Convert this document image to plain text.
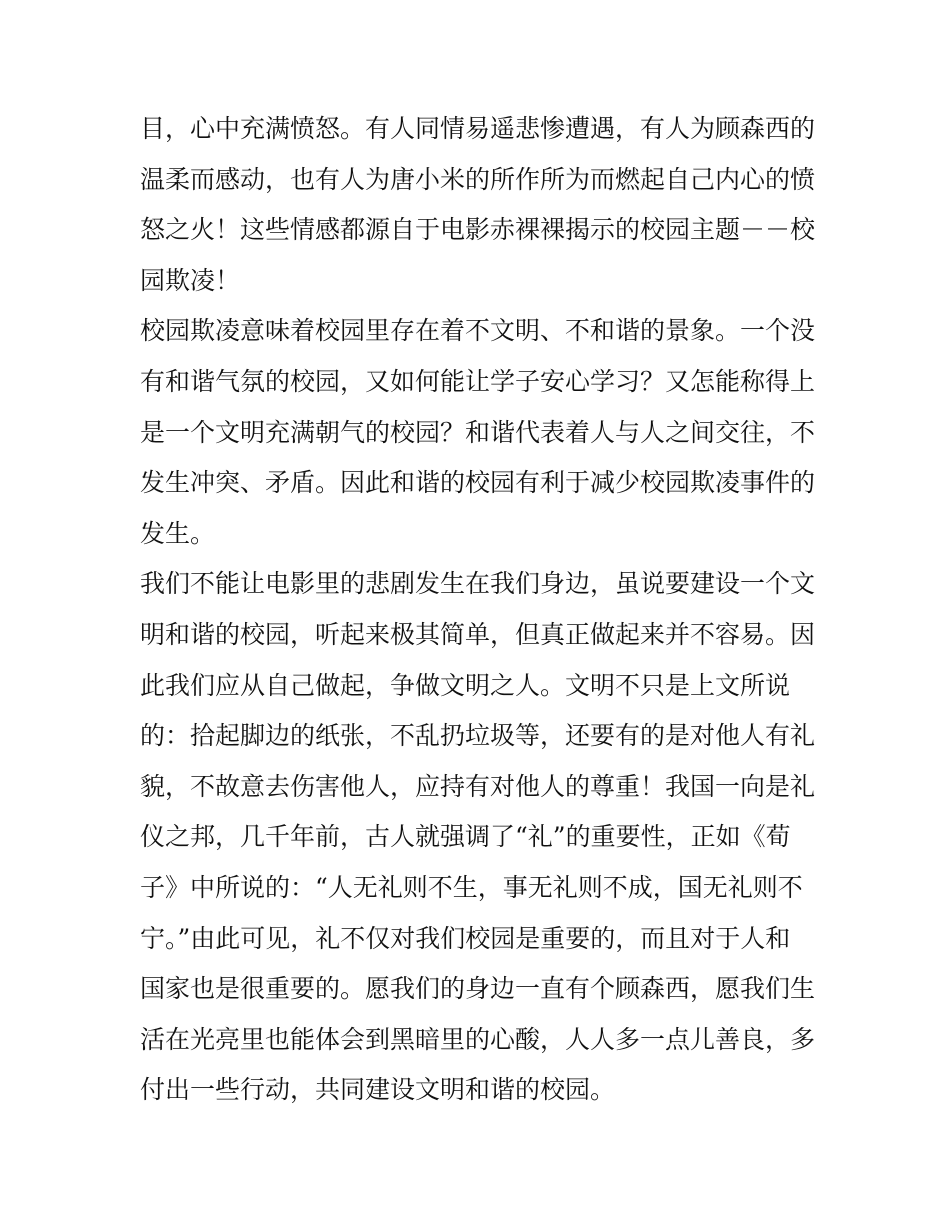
目，心中充满愤怒。有人同情易遥悲惨遭遇，有人为顾森西的
温柔而感动，也有人为唐小米的所作所为而燃起自己内心的愤
怒之火！这些情感都源自于电影赤裸裸揭示的校园主题－－校
园欺凌！
校园欺凌意味着校园里存在着不文明、不和谐的景象。一个没
有和谐气氛的校园，又如何能让学子安心学习？又怎能称得上
是一个文明充满朝气的校园？和谐代表着人与人之间交往，不
发生冲突、矛盾。因此和谐的校园有利于减少校园欺凌事件的
发生。
我们不能让电影里的悲剧发生在我们身边，虽说要建设一个文
明和谐的校园，听起来极其简单，但真正做起来并不容易。因
此我们应从自己做起，争做文明之人。文明不只是上文所说
的：拾起脚边的纸张，不乱扔垃圾等，还要有的是对他人有礼
貌，不故意去伤害他人，应持有对他人的尊重！我国一向是礼
仪之邦，几千年前，古人就强调了“礼”的重要性，正如《荀
子》中所说的：“人无礼则不生，事无礼则不成，国无礼则不
宁。”由此可见，礼不仅对我们校园是重要的，而且对于人和
国家也是很重要的。愿我们的身边一直有个顾森西，愿我们生
活在光亮里也能体会到黑暗里的心酸，人人多一点儿善良，多
付出一些行动，共同建设文明和谐的校园。
